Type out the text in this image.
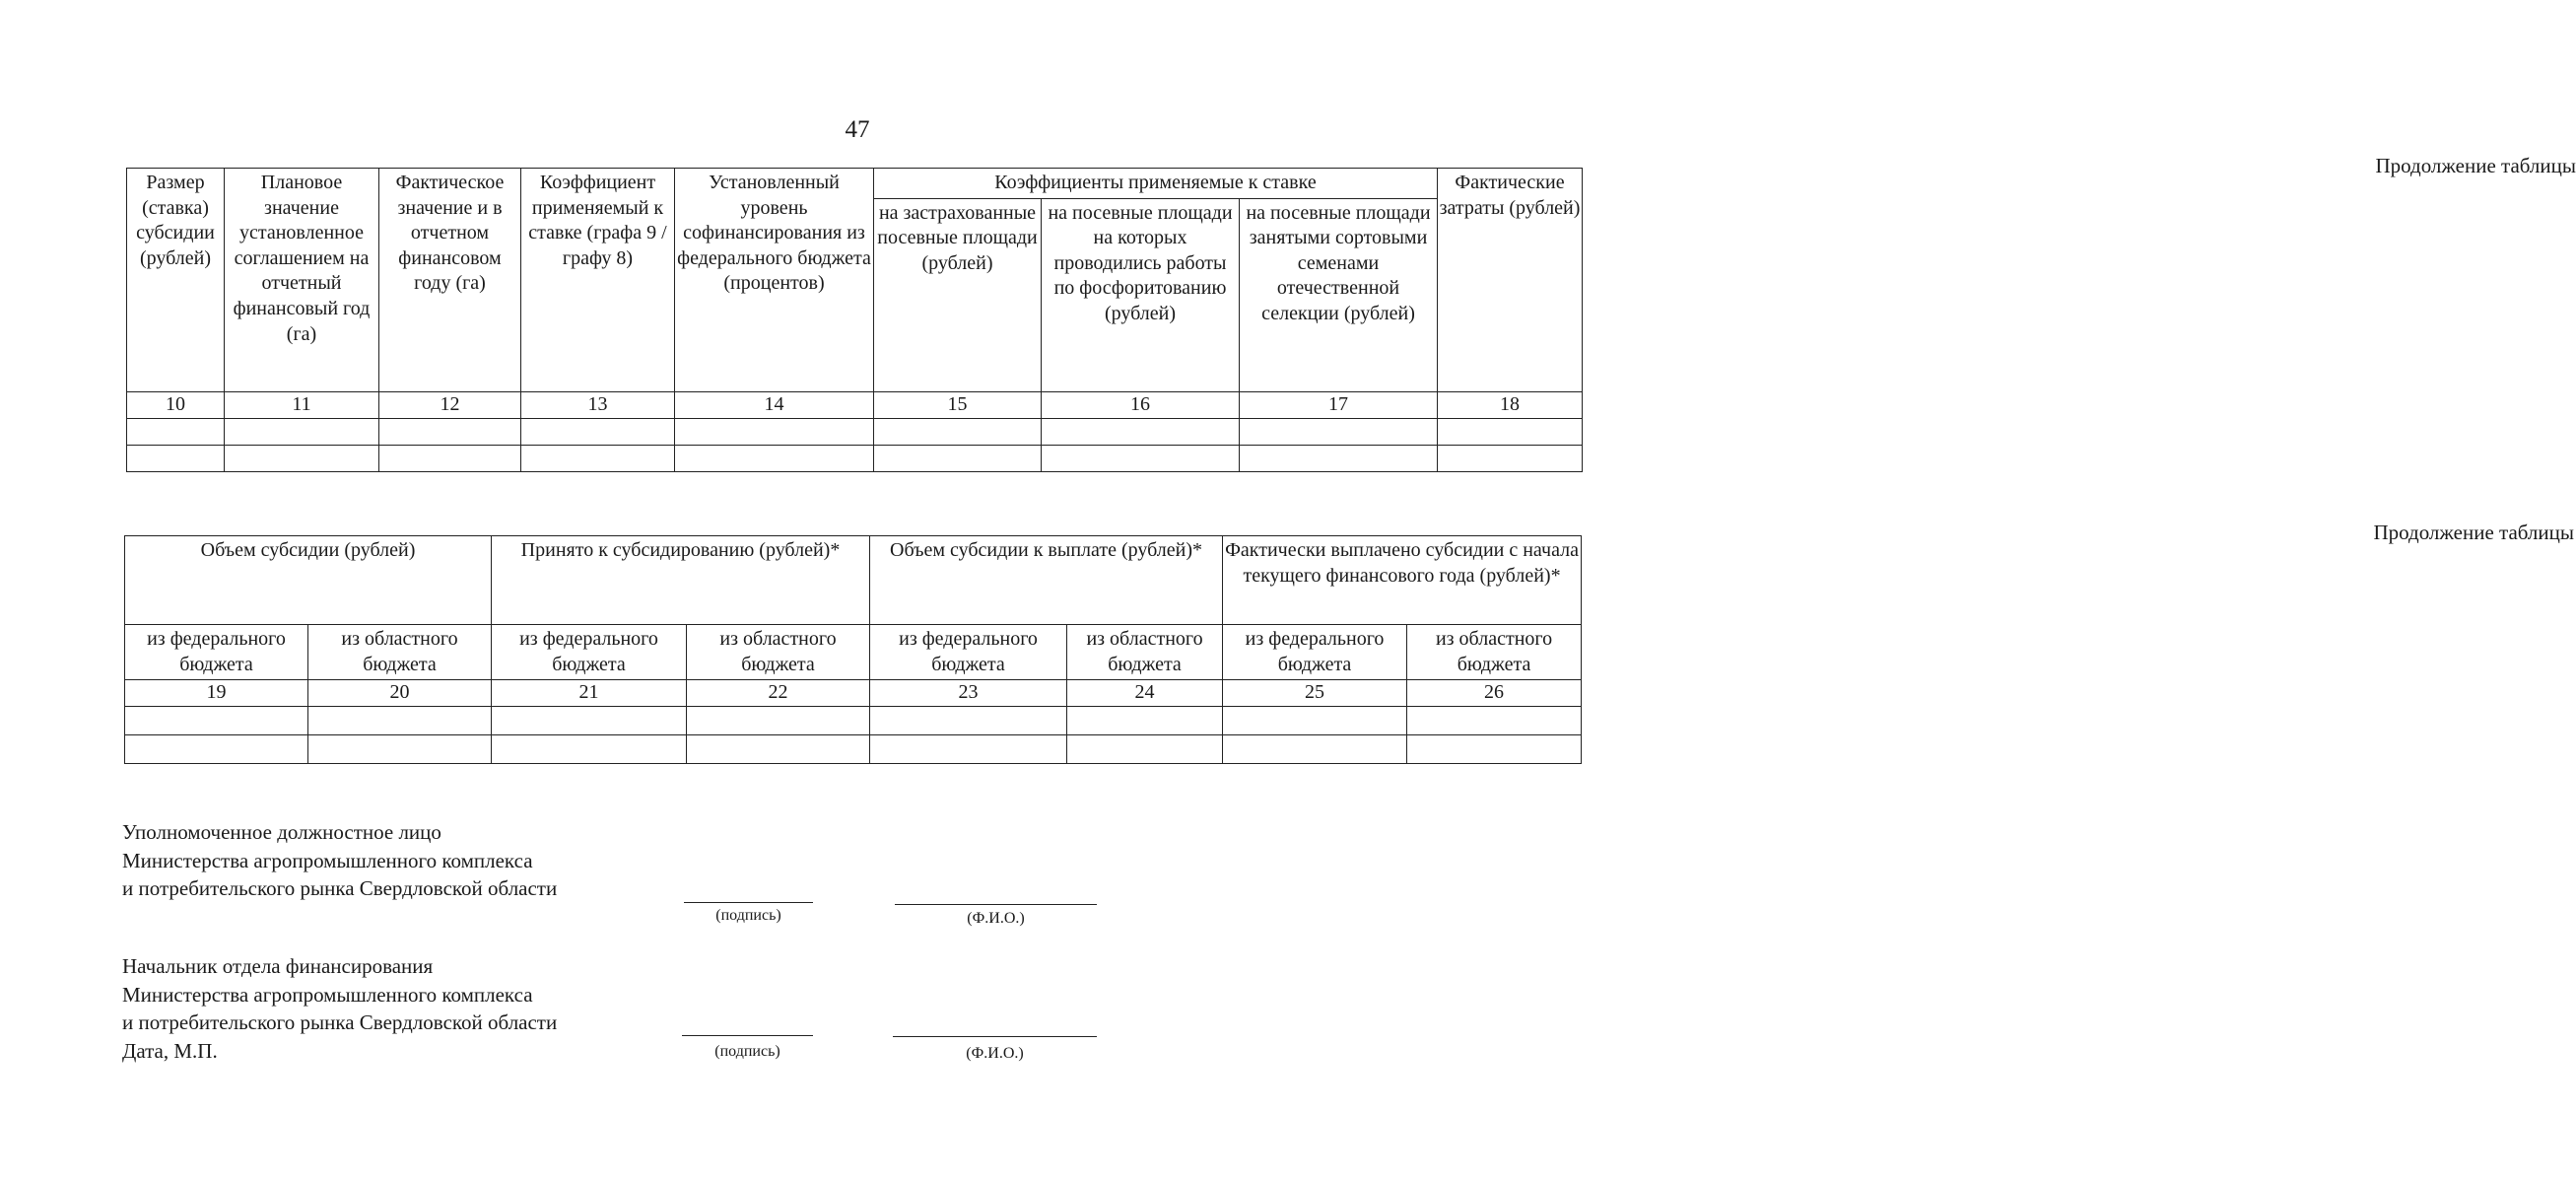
47
Продолжение таблицы
Размер (ставка) субсидии (рублей)	Плановое значение установленное соглашением на отчетный финансовый год (га)	Фактическое значение и в отчетном финансовом году (га)	Коэффициент применяемый к ставке (графа 9 / графу 8)	Установленный уровень софинансирования из федерального бюджета (процентов)	Коэффициенты применяемые к ставке			Фактические затраты (рублей)
					на застрахованные посевные площади (рублей)	на посевные площади на которых проводились работы по фосфоритованию (рублей)	на посевные площади занятыми сортовыми семенами отечественной селекции (рублей)	
10	11	12	13	14	15	16	17	18

Продолжение таблицы
Объем субсидии (рублей)		Принято к субсидированию (рублей)*		Объем субсидии к выплате (рублей)*		Фактически выплачено субсидии с начала текущего финансового года (рублей)*	
из федерального бюджета	из областного бюджета	из федерального бюджета	из областного бюджета	из федерального бюджета	из областного бюджета	из федерального бюджета	из областного бюджета
19	20	21	22	23	24	25	26

Уполномоченное должностное лицо
Министерства агропромышленного комплекса
и потребительского рынка Свердловской области
(подпись)	(Ф.И.О.)
Начальник отдела финансирования
Министерства агропромышленного комплекса
и потребительского рынка Свердловской области
Дата, М.П.	(подпись)	(Ф.И.О.)
